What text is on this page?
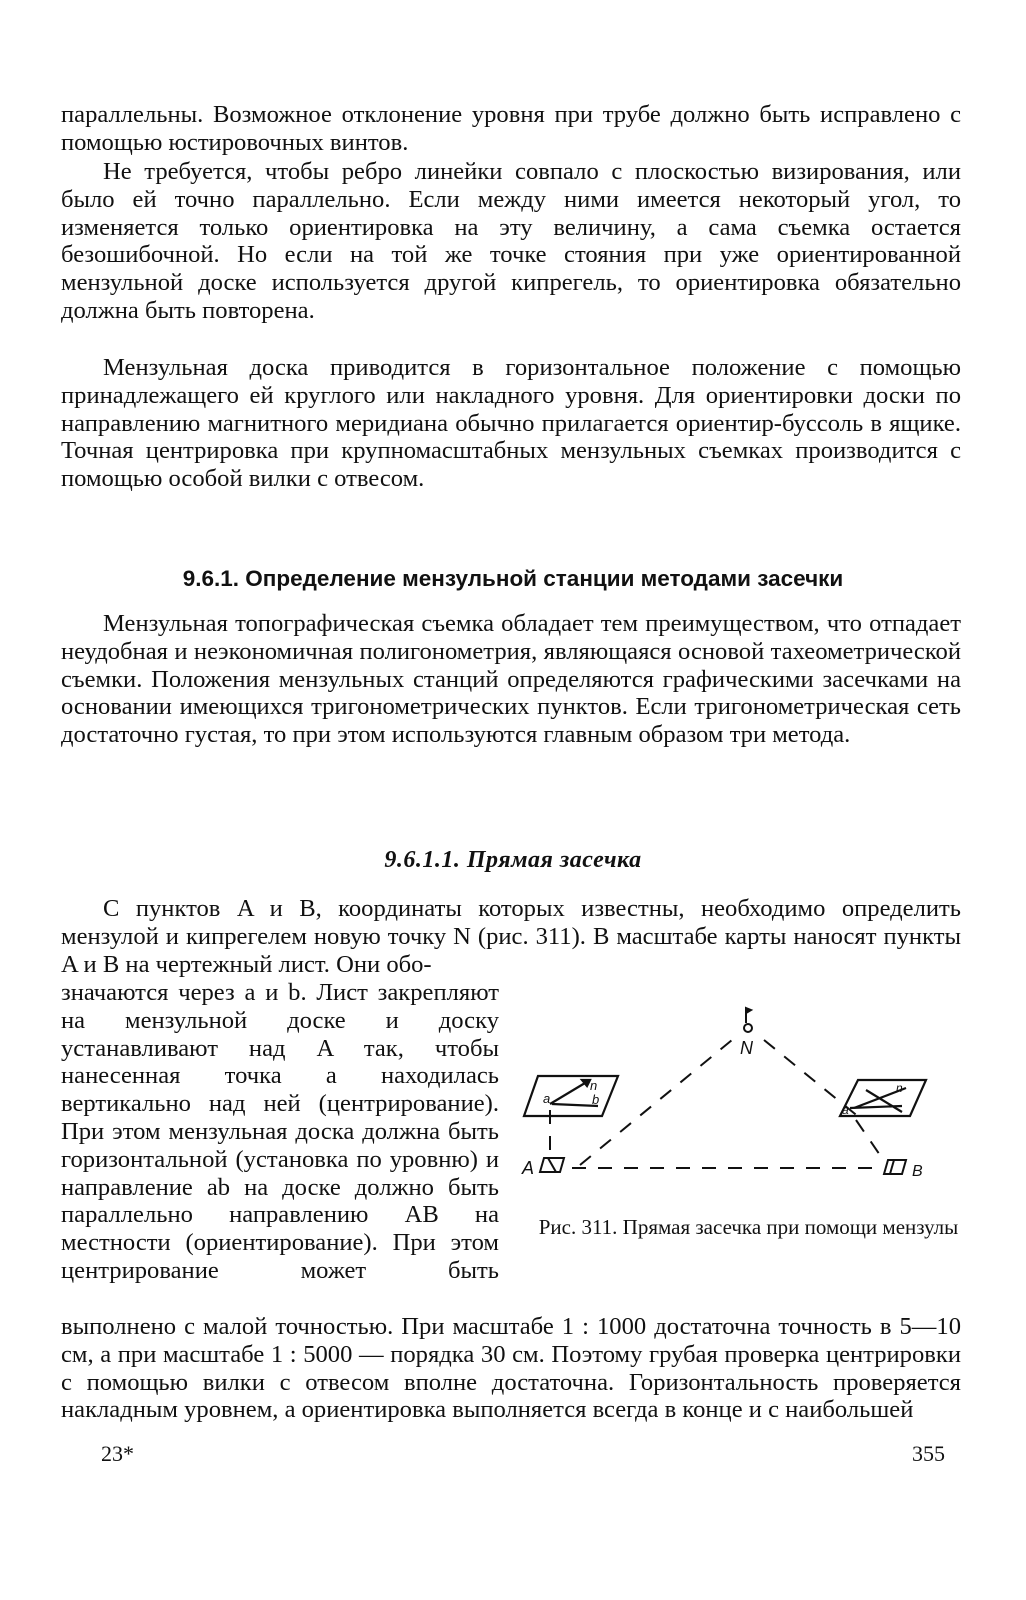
параллельны. Возможное отклонение уровня при трубе должно быть исправлено с помощью юстировочных винтов.

Не требуется, чтобы ребро линейки совпало с плоскостью визирования, или было ей точно параллельно. Если между ними имеется некоторый угол, то изменяется только ориентировка на эту величину, а сама съемка остается безошибочной. Но если на той же точке стояния при уже ориентированной мензульной доске используется другой кипрегель, то ориентировка обязательно должна быть повторена.

Мензульная доска приводится в горизонтальное положение с помощью принадлежащего ей круглого или накладного уровня. Для ориентировки доски по направлению магнитного меридиана обычно прилагается ориентир-буссоль в ящике. Точная центрировка при крупномасштабных мензульных съемках производится с помощью особой вилки с отвесом.

9.6.1. Определение мензульной станции методами засечки

Мензульная топографическая съемка обладает тем преимуществом, что отпадает неудобная и неэкономичная полигонометрия, являющаяся основой тахеометрической съемки. Положения мензульных станций определяются графическими засечками на основании имеющихся тригонометрических пунктов. Если тригонометрическая сеть достаточно густая, то при этом используются главным образом три метода.

9.6.1.1. Прямая засечка

С пунктов A и B, координаты которых известны, необходимо определить мензулой и кипрегелем новую точку N (рис. 311). В масштабе карты наносят пункты A и B на чертежный лист. Они обо-

значаются через a и b. Лист закрепляют на мензульной доске и доску устанавливают над A так, чтобы нанесенная точка a находилась вертикально над ней (центрирование). При этом мензульная доска должна быть горизонтальной (установка по уровню) и направление ab на доске должно быть параллельно направлению AB на местности (ориентирование). При этом центрирование может быть

N
a	b
n
a
n
A	B

Рис. 311. Прямая засечка при помощи мензулы

выполнено с малой точностью. При масштабе 1 : 1000 достаточна точность в 5—10 см, а при масштабе 1 : 5000 — порядка 30 см. Поэтому грубая проверка центрировки с помощью вилки с отвесом вполне достаточна. Горизонтальность проверяется накладным уровнем, а ориентировка выполняется всегда в конце и с наибольшей

23*	355
